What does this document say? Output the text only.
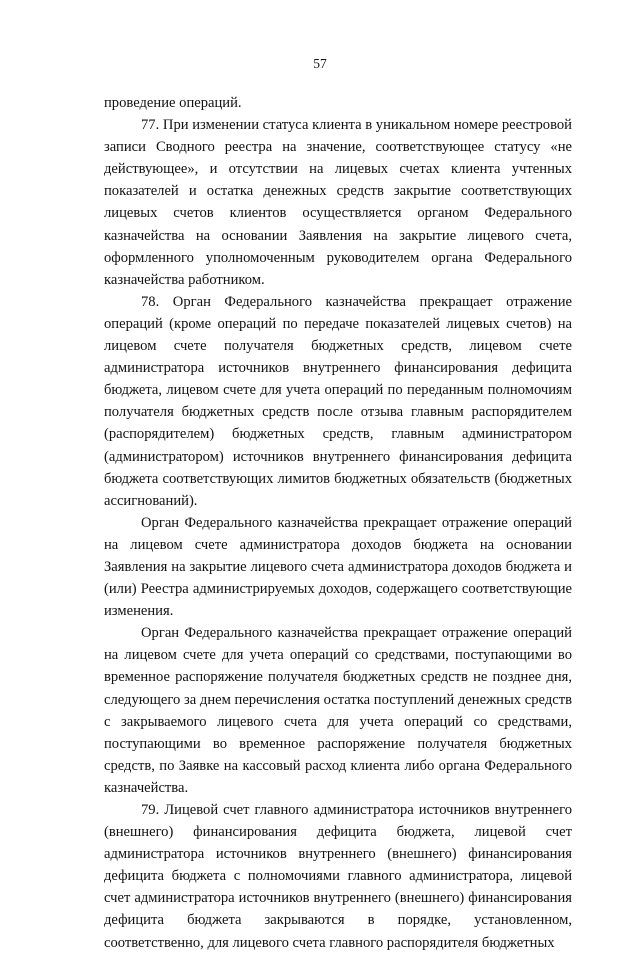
57

проведение операций.

77. При изменении статуса клиента в уникальном номере реестровой записи Сводного реестра на значение, соответствующее статусу «не действующее», и отсутствии на лицевых счетах клиента учтенных показателей и остатка денежных средств закрытие соответствующих лицевых счетов клиентов осуществляется органом Федерального казначейства на основании Заявления на закрытие лицевого счета, оформленного уполномоченным руководителем органа Федерального казначейства работником.

78. Орган Федерального казначейства прекращает отражение операций (кроме операций по передаче показателей лицевых счетов) на лицевом счете получателя бюджетных средств, лицевом счете администратора источников внутреннего финансирования дефицита бюджета, лицевом счете для учета операций по переданным полномочиям получателя бюджетных средств после отзыва главным распорядителем (распорядителем) бюджетных средств, главным администратором (администратором) источников внутреннего финансирования дефицита бюджета соответствующих лимитов бюджетных обязательств (бюджетных ассигнований).

Орган Федерального казначейства прекращает отражение операций на лицевом счете администратора доходов бюджета на основании Заявления на закрытие лицевого счета администратора доходов бюджета и (или) Реестра администрируемых доходов, содержащего соответствующие изменения.

Орган Федерального казначейства прекращает отражение операций на лицевом счете для учета операций со средствами, поступающими во временное распоряжение получателя бюджетных средств не позднее дня, следующего за днем перечисления остатка поступлений денежных средств с закрываемого лицевого счета для учета операций со средствами, поступающими во временное распоряжение получателя бюджетных средств, по Заявке на кассовый расход клиента либо органа Федерального казначейства.

79. Лицевой счет главного администратора источников внутреннего (внешнего) финансирования дефицита бюджета, лицевой счет администратора источников внутреннего (внешнего) финансирования дефицита бюджета с полномочиями главного администратора, лицевой счет администратора источников внутреннего (внешнего) финансирования дефицита бюджета закрываются в порядке, установленном, соответственно, для лицевого счета главного распорядителя бюджетных
